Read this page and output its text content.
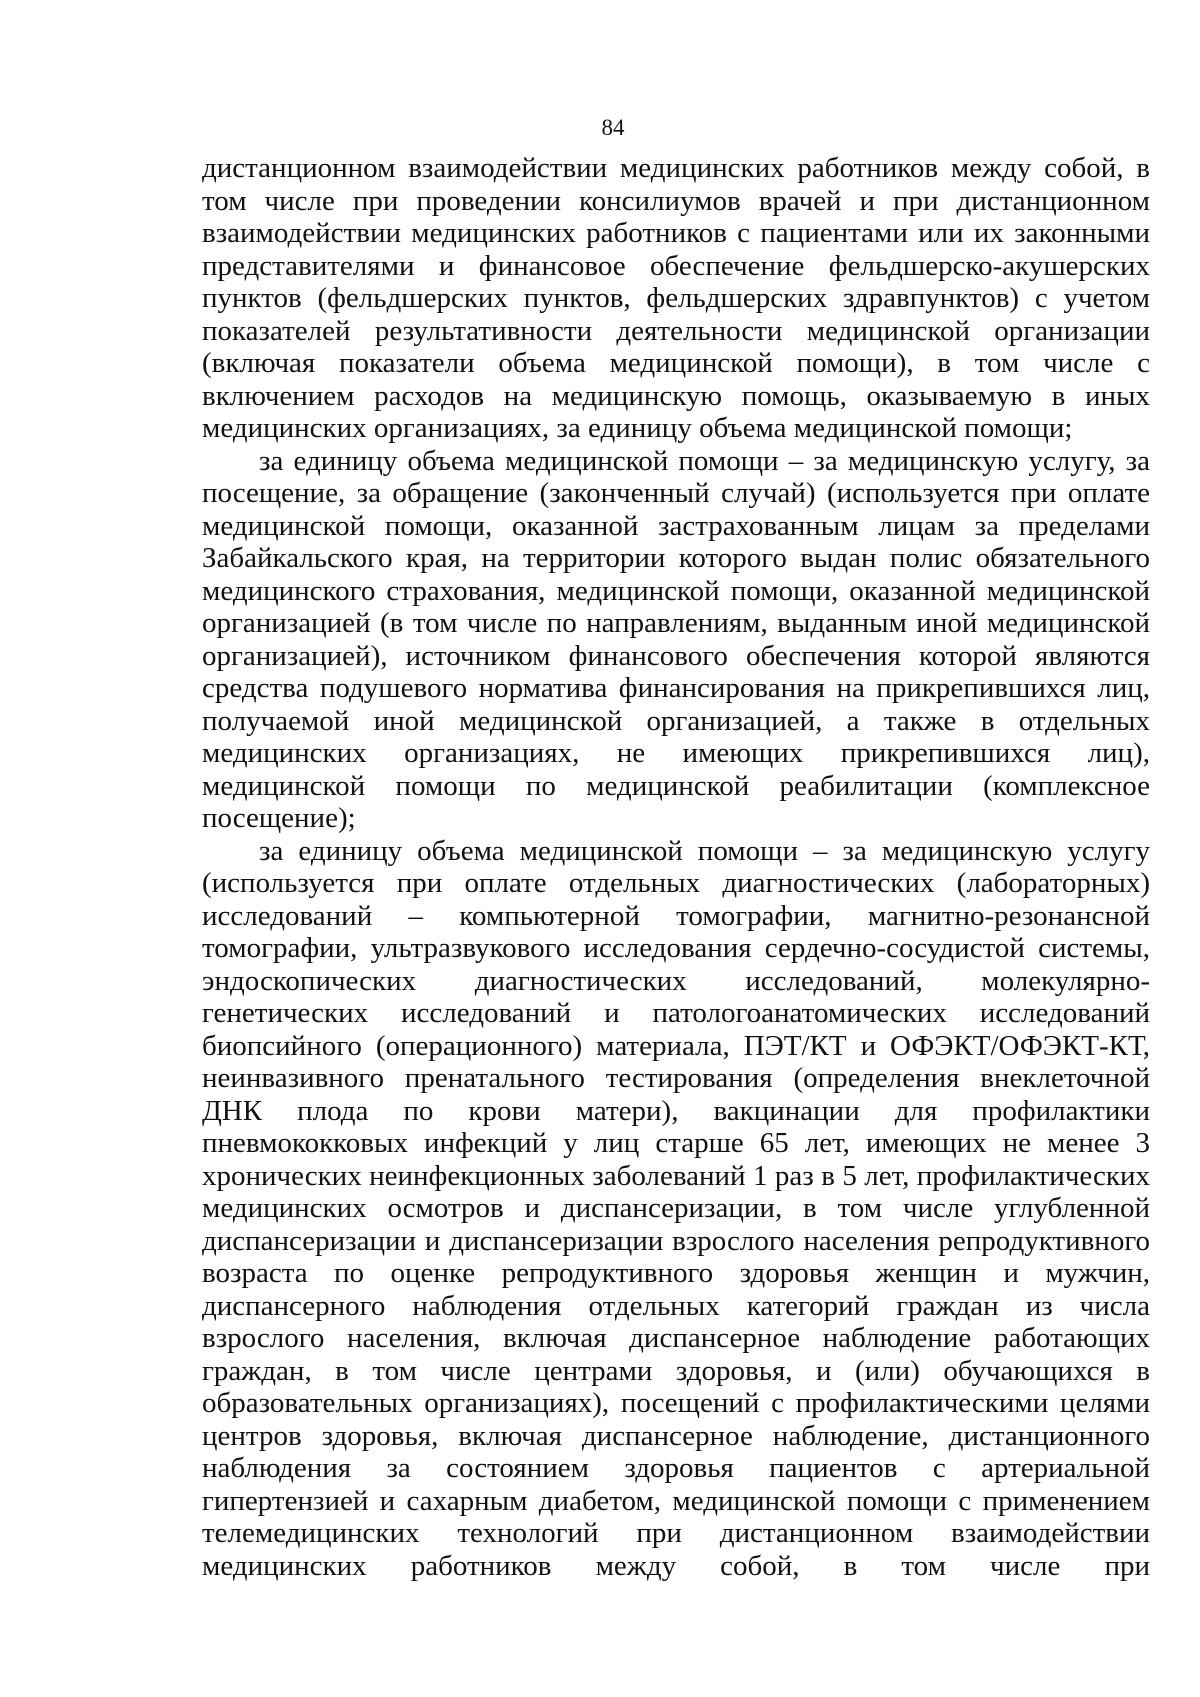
84

дистанционном взаимодействии медицинских работников между собой, в том числе при проведении консилиумов врачей и при дистанционном взаимодействии медицинских работников с пациентами или их законными представителями и финансовое обеспечение фельдшерско-акушерских пунктов (фельдшерских пунктов, фельдшерских здравпунктов) с учетом показателей результативности деятельности медицинской организации (включая показатели объема медицинской помощи), в том числе с включением расходов на медицинскую помощь, оказываемую в иных медицинских организациях, за единицу объема медицинской помощи;

за единицу объема медицинской помощи – за медицинскую услугу, за посещение, за обращение (законченный случай) (используется при оплате медицинской помощи, оказанной застрахованным лицам за пределами Забайкальского края, на территории которого выдан полис обязательного медицинского страхования, медицинской помощи, оказанной медицинской организацией (в том числе по направлениям, выданным иной медицинской организацией), источником финансового обеспечения которой являются средства подушевого норматива финансирования на прикрепившихся лиц, получаемой иной медицинской организацией, а также в отдельных медицинских организациях, не имеющих прикрепившихся лиц), медицинской помощи по медицинской реабилитации (комплексное посещение);

за единицу объема медицинской помощи – за медицинскую услугу (используется при оплате отдельных диагностических (лабораторных) исследований – компьютерной томографии, магнитно-резонансной томографии, ультразвукового исследования сердечно-сосудистой системы, эндоскопических диагностических исследований, молекулярно-генетических исследований и патологоанатомических исследований биопсийного (операционного) материала, ПЭТ/КТ и ОФЭКТ/ОФЭКТ-КТ, неинвазивного пренатального тестирования (определения внеклеточной ДНК плода по крови матери), вакцинации для профилактики пневмококковых инфекций у лиц старше 65 лет, имеющих не менее 3 хронических неинфекционных заболеваний 1 раз в 5 лет, профилактических медицинских осмотров и диспансеризации, в том числе углубленной диспансеризации и диспансеризации взрослого населения репродуктивного возраста по оценке репродуктивного здоровья женщин и мужчин, диспансерного наблюдения отдельных категорий граждан из числа взрослого населения, включая диспансерное наблюдение работающих граждан, в том числе центрами здоровья, и (или) обучающихся в образовательных организациях), посещений с профилактическими целями центров здоровья, включая диспансерное наблюдение, дистанционного наблюдения за состоянием здоровья пациентов с артериальной гипертензией и сахарным диабетом, медицинской помощи с применением телемедицинских технологий при дистанционном взаимодействии медицинских работников между собой, в том числе при
